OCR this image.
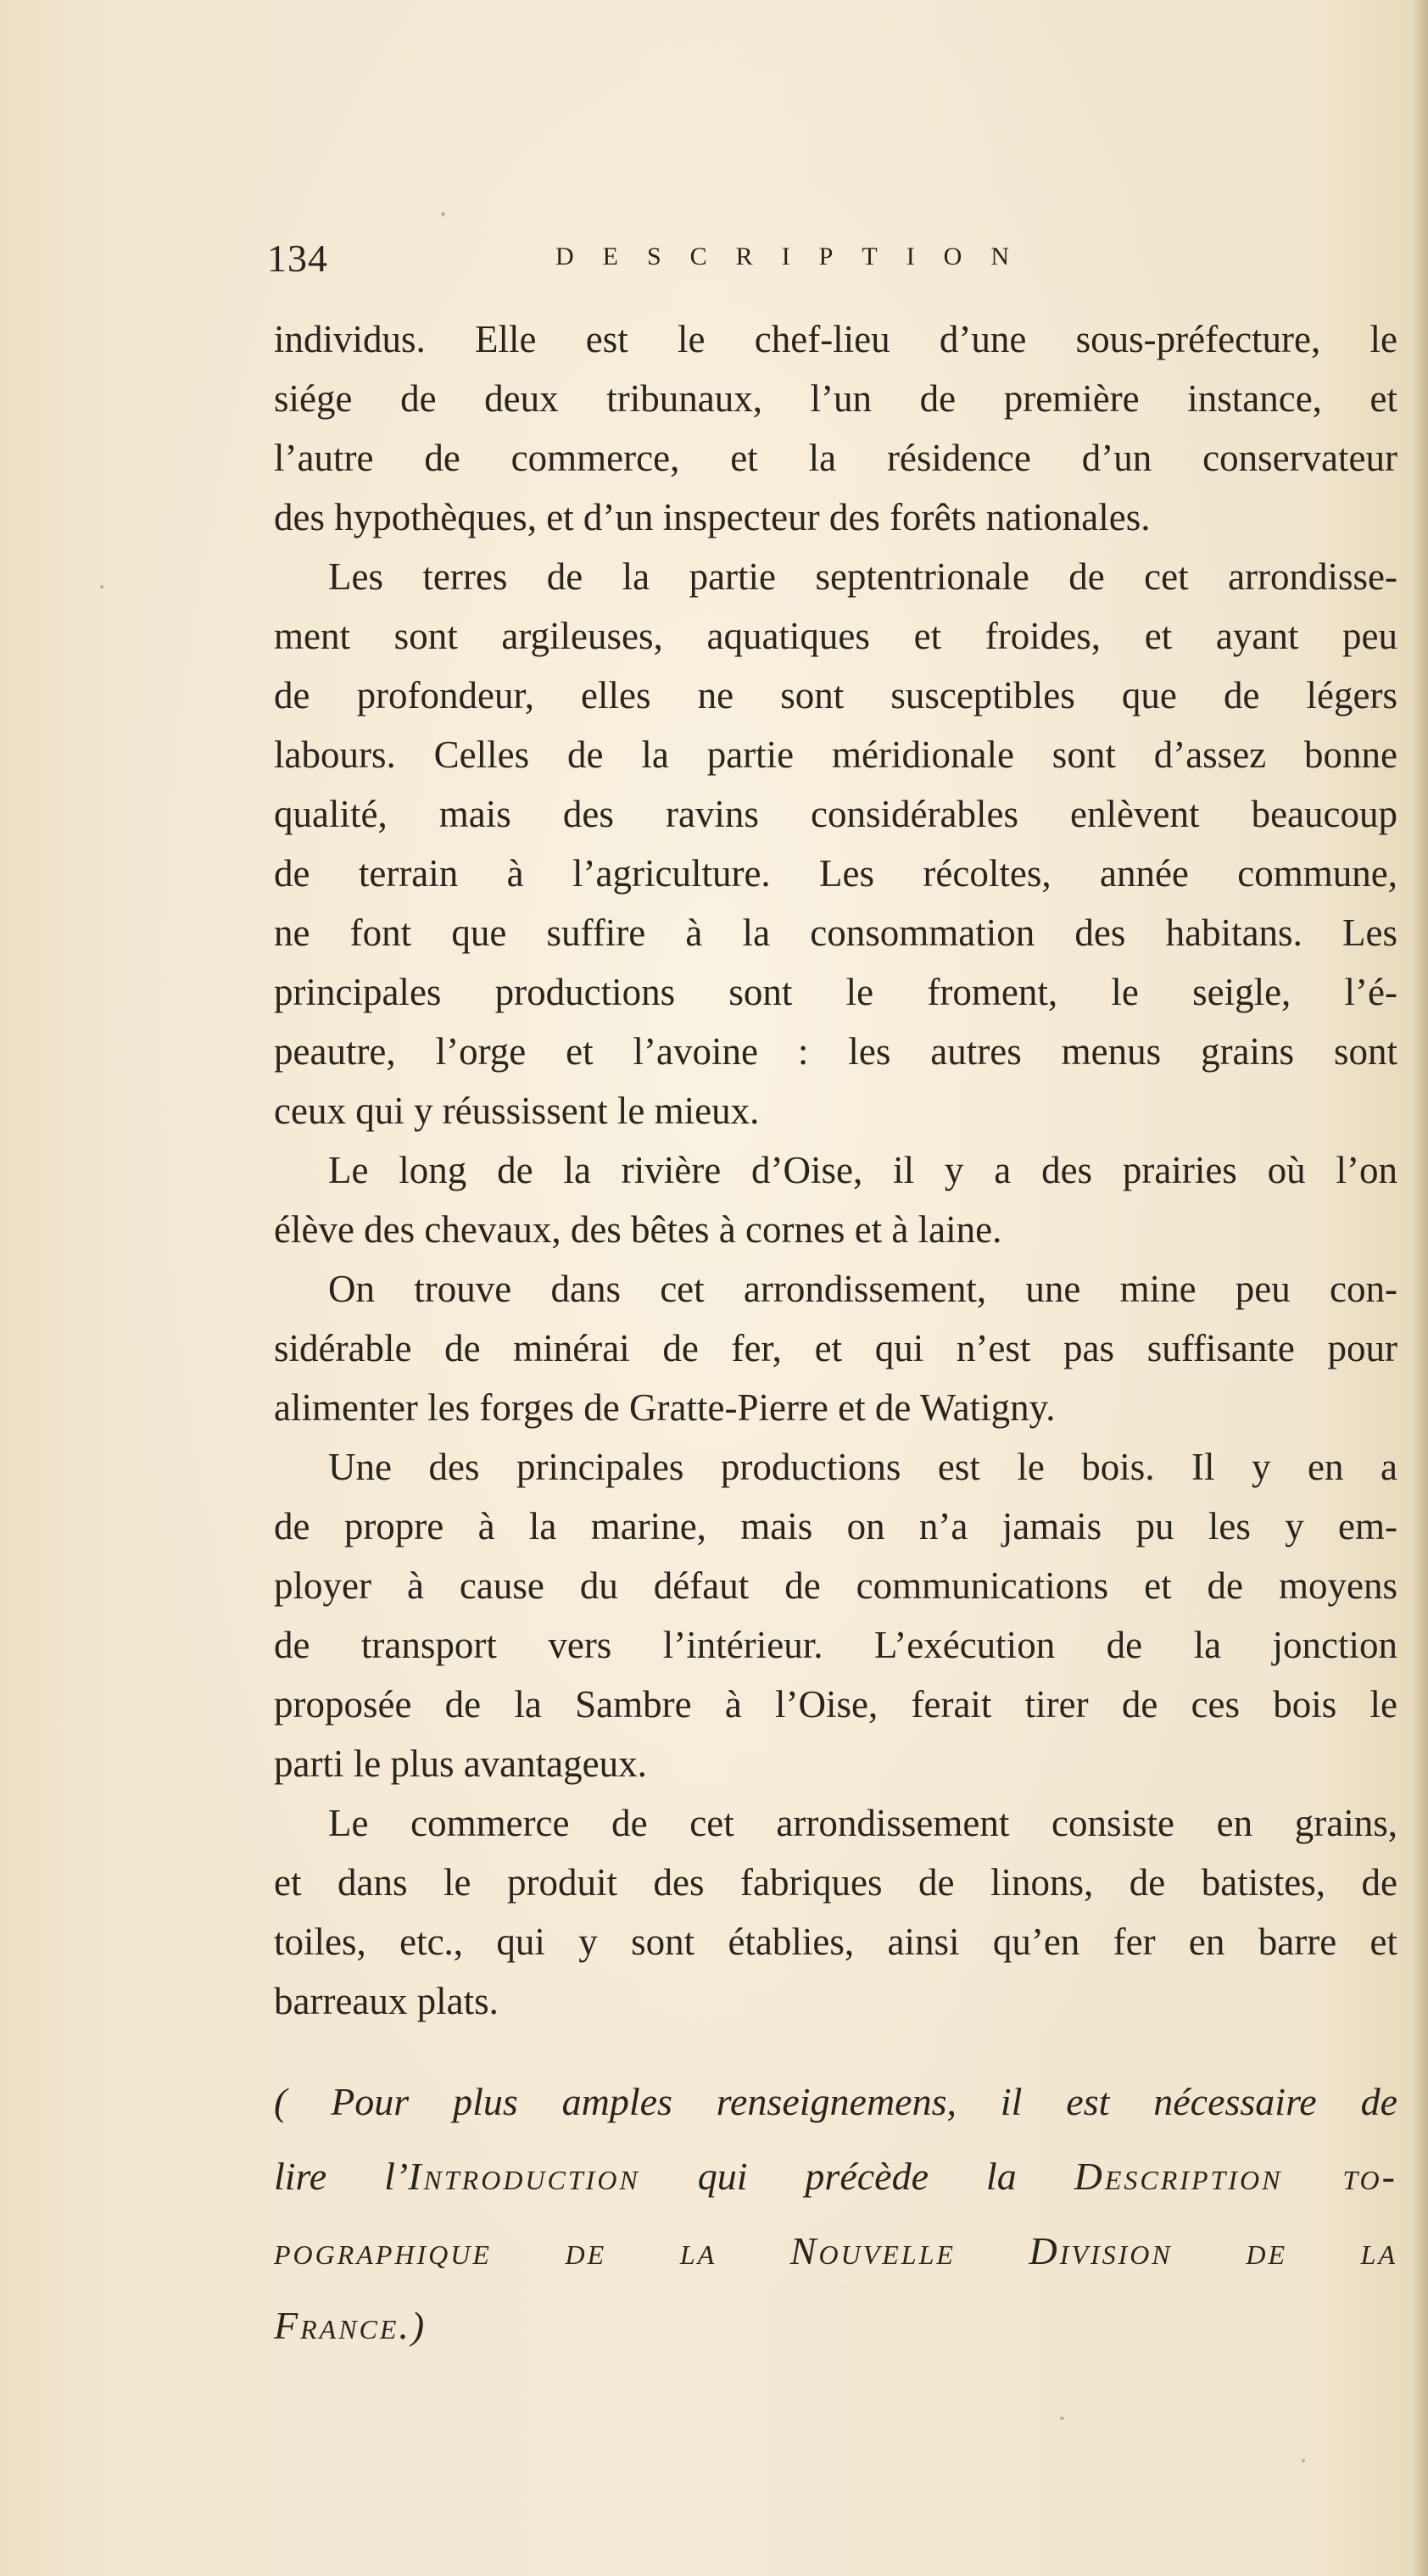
134	DESCRIPTION
individus. Elle est le chef-lieu d’une sous-préfecture, le
siége de deux tribunaux, l’un de première instance, et
l’autre de commerce, et la résidence d’un conservateur
des hypothèques, et d’un inspecteur des forêts nationales.
Les terres de la partie septentrionale de cet arrondisse-
ment sont argileuses, aquatiques et froides, et ayant peu
de profondeur, elles ne sont susceptibles que de légers
labours. Celles de la partie méridionale sont d’assez bonne
qualité, mais des ravins considérables enlèvent beaucoup
de terrain à l’agriculture. Les récoltes, année commune,
ne font que suffire à la consommation des habitans. Les
principales productions sont le froment, le seigle, l’é-
peautre, l’orge et l’avoine : les autres menus grains sont
ceux qui y réussissent le mieux.
Le long de la rivière d’Oise, il y a des prairies où l’on
élève des chevaux, des bêtes à cornes et à laine.
On trouve dans cet arrondissement, une mine peu con-
sidérable de minérai de fer, et qui n’est pas suffisante pour
alimenter les forges de Gratte-Pierre et de Watigny.
Une des principales productions est le bois. Il y en a
de propre à la marine, mais on n’a jamais pu les y em-
ployer à cause du défaut de communications et de moyens
de transport vers l’intérieur. L’exécution de la jonction
proposée de la Sambre à l’Oise, ferait tirer de ces bois le
parti le plus avantageux.
Le commerce de cet arrondissement consiste en grains,
et dans le produit des fabriques de linons, de batistes, de
toiles, etc., qui y sont établies, ainsi qu’en fer en barre et
barreaux plats.
( Pour plus amples renseignemens, il est nécessaire de
lire l’Introduction qui précède la Description to-
pographique de la Nouvelle Division de la
France.)
